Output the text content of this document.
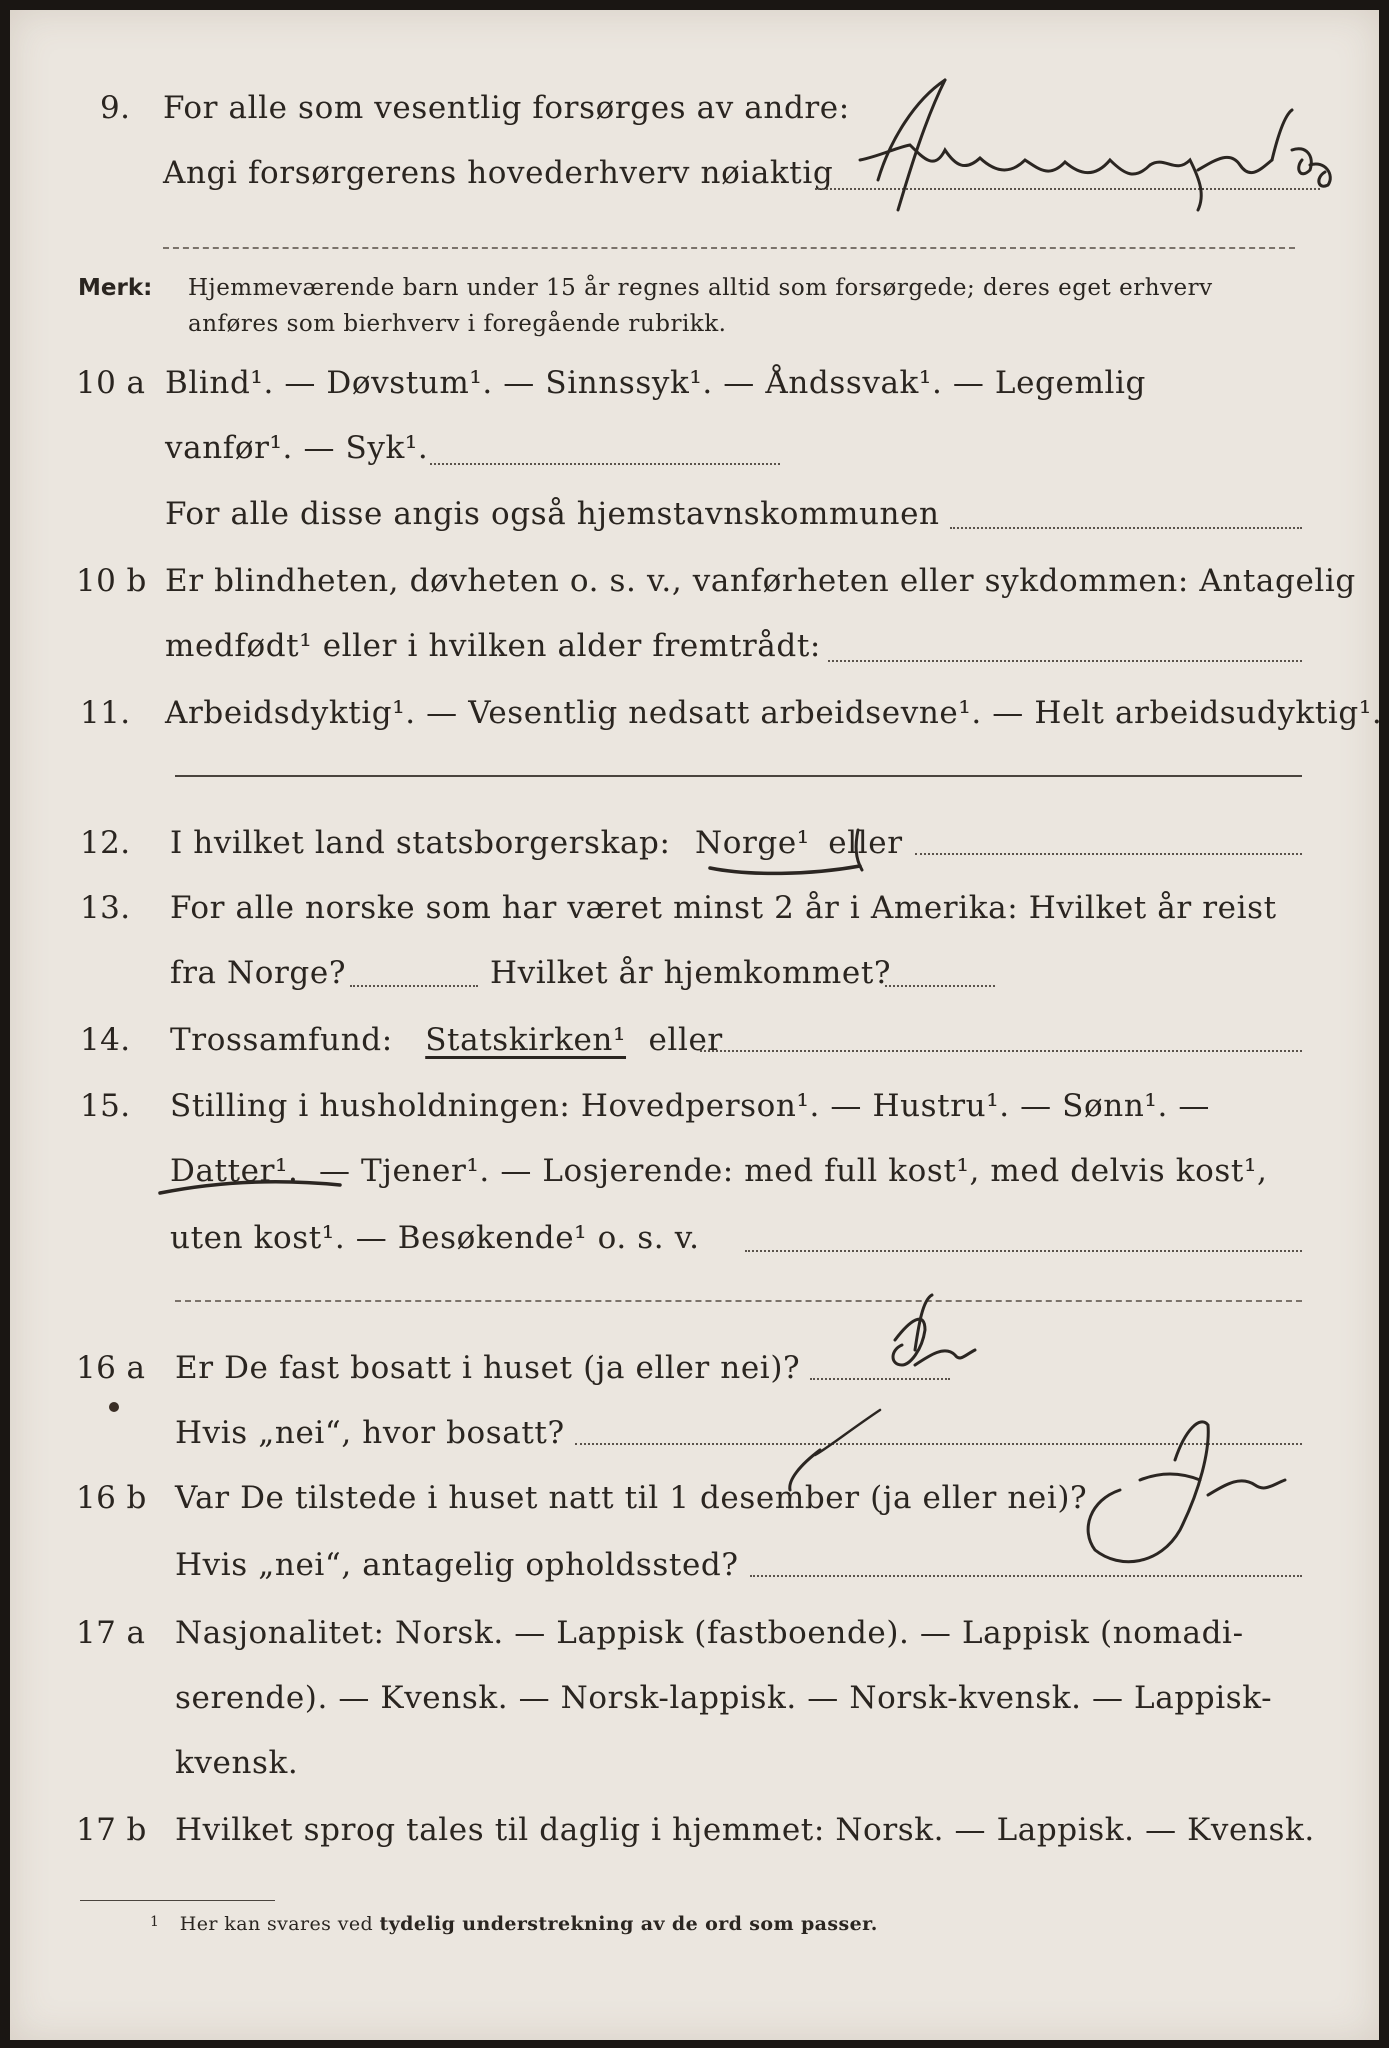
9. For alle som vesentlig forsørges av andre:
Angi forsørgerens hovederhverv nøiaktig
Merk: Hjemmeværende barn under 15 år regnes alltid som forsørgede; deres eget erhverv
anføres som bierhverv i foregående rubrikk.
10 a Blind¹. — Døvstum¹. — Sinnssyk¹. — Åndssvak¹. — Legemlig
vanfør¹. — Syk¹.
For alle disse angis også hjemstavnskommunen
10 b Er blindheten, døvheten o. s. v., vanførheten eller sykdommen: Antagelig
medfødt¹ eller i hvilken alder fremtrådt:
11. Arbeidsdyktig¹. — Vesentlig nedsatt arbeidsevne¹. — Helt arbeidsudyktig¹.
12. I hvilket land statsborgerskap: Norge¹ eller
13. For alle norske som har været minst 2 år i Amerika: Hvilket år reist
fra Norge?	Hvilket år hjemkommet?
14. Trossamfund: Statskirken¹ eller
15. Stilling i husholdningen: Hovedperson¹. — Hustru¹. — Sønn¹. —
Datter¹. — Tjener¹. — Losjerende: med full kost¹, med delvis kost¹,
uten kost¹. — Besøkende¹ o. s. v.
16 a Er De fast bosatt i huset (ja eller nei)?
Hvis „nei“, hvor bosatt?
16 b Var De tilstede i huset natt til 1 desember (ja eller nei)?
Hvis „nei“, antagelig opholdssted?
17 a Nasjonalitet: Norsk. — Lappisk (fastboende). — Lappisk (nomadi-
serende). — Kvensk. — Norsk-lappisk. — Norsk-kvensk. — Lappisk-
kvensk.
17 b Hvilket sprog tales til daglig i hjemmet: Norsk. — Lappisk. — Kvensk.
$^1$ Her kan svares ved tydelig understrekning av de ord som passer.
